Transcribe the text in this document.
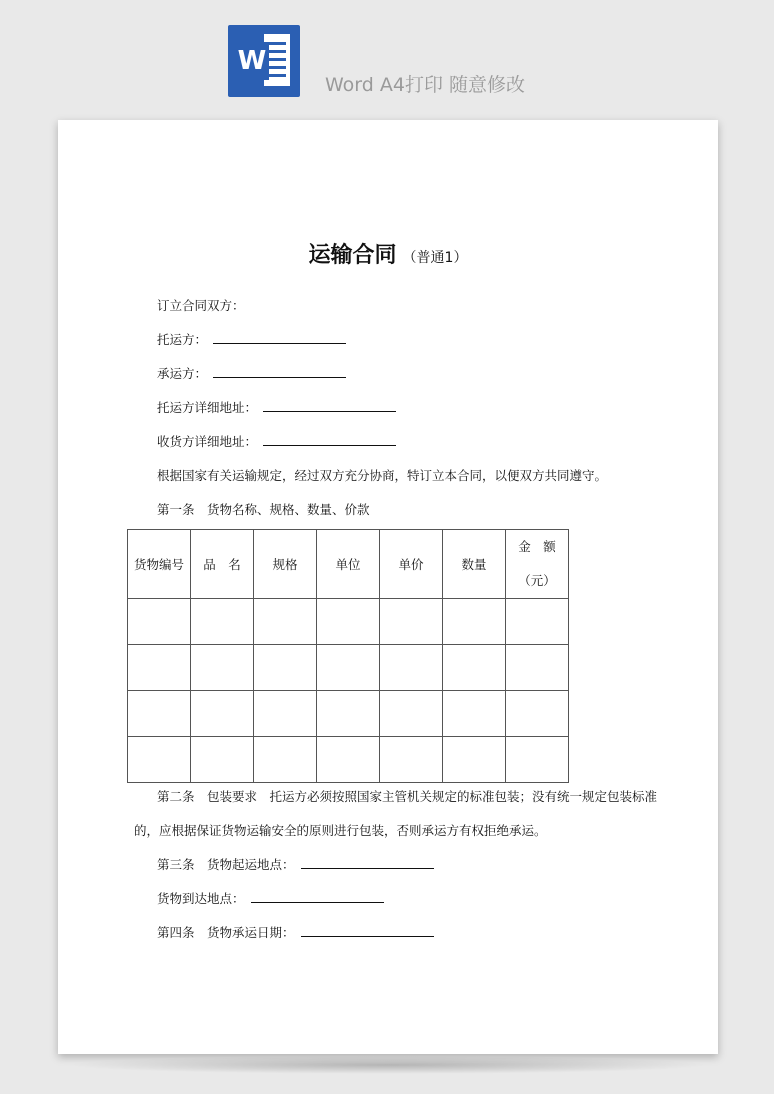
W
Word A4打印 随意修改
运输合同 （普通1）
订立合同双方：
托运方：
承运方：
托运方详细地址：
收货方详细地址：
根据国家有关运输规定，经过双方充分协商，特订立本合同，以便双方共同遵守。
第一条　货物名称、规格、数量、价款
货物编号	品　名	规格	单位	单价	数量	金　额
（元）

第二条　包装要求　托运方必须按照国家主管机关规定的标准包装；没有统一规定包装标准
的，应根据保证货物运输安全的原则进行包装，否则承运方有权拒绝承运。
第三条　货物起运地点：
货物到达地点：
第四条　货物承运日期：
